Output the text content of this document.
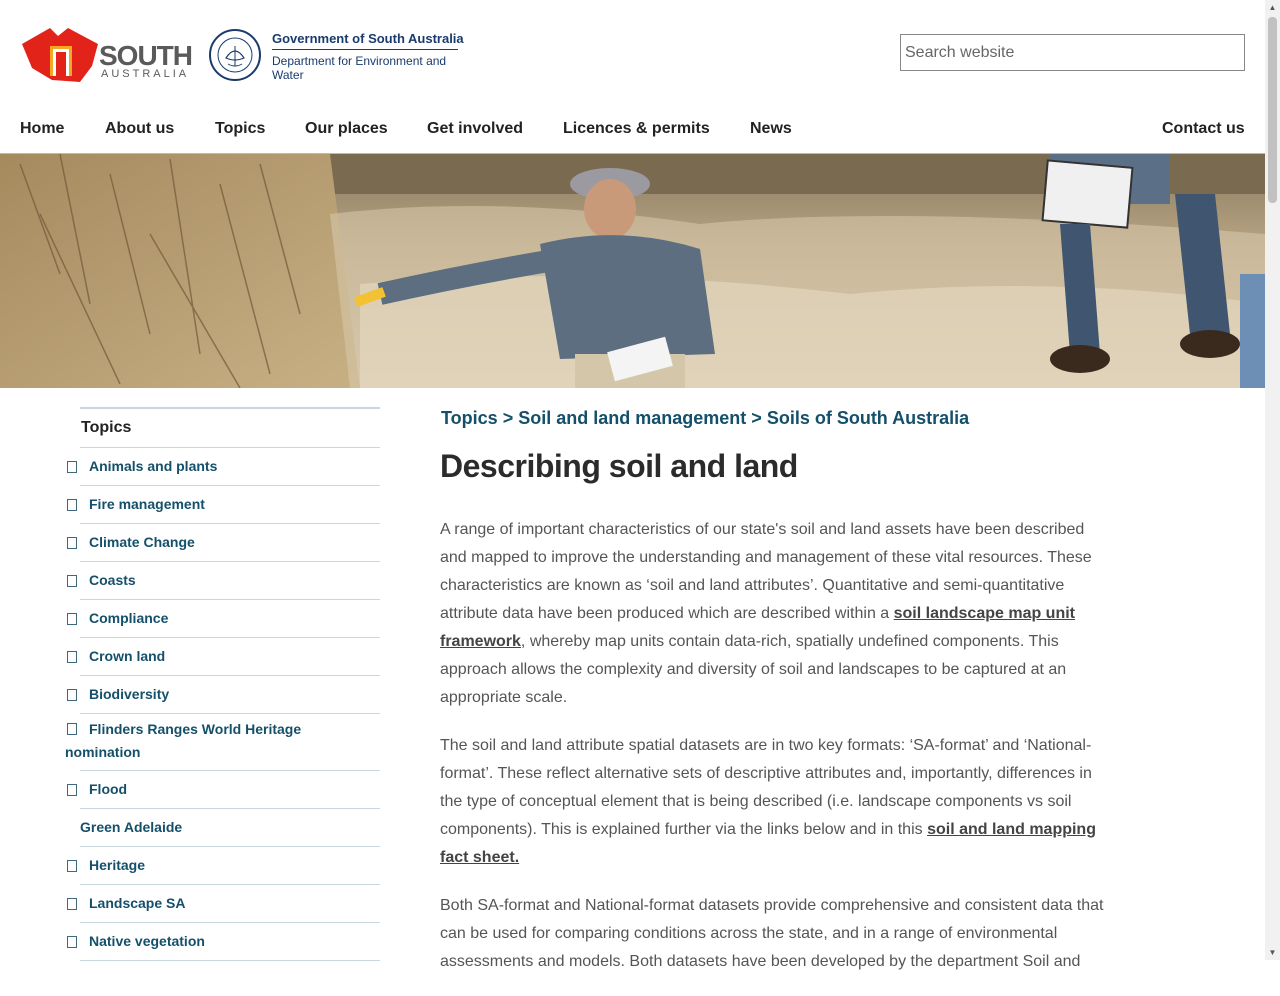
SOUTH
AUSTRALIA
Government of South Australia
Department for Environment and Water
Search website
Home	About us	Topics Our places Get involved Licences & permits	News	Contact us
Topics
Animals and plants
Fire management
Climate Change
Coasts
Compliance
Crown land
Biodiversity
Flinders Ranges World Heritage nomination
Flood
Green Adelaide
Heritage
Landscape SA
Native vegetation
Topics > Soil and land management > Soils of South Australia
Describing soil and land

A range of important characteristics of our state's soil and land assets have been described and mapped to improve the understanding and management of these vital resources. These characteristics are known as ‘soil and land attributes’. Quantitative and semi-quantitative attribute data have been produced which are described within a soil landscape map unit framework, whereby map units contain data-rich, spatially undefined components. This approach allows the complexity and diversity of soil and landscapes to be captured at an appropriate scale.

The soil and land attribute spatial datasets are in two key formats: ‘SA-format’ and ‘National-format’. These reflect alternative sets of descriptive attributes and, importantly, differences in the type of conceptual element that is being described (i.e. landscape components vs soil components). This is explained further via the links below and in this soil and land mapping fact sheet.

Both SA-format and National-format datasets provide comprehensive and consistent data that can be used for comparing conditions across the state, and in a range of environmental assessments and models. Both datasets have been developed by the department Soil and

▲
▼
